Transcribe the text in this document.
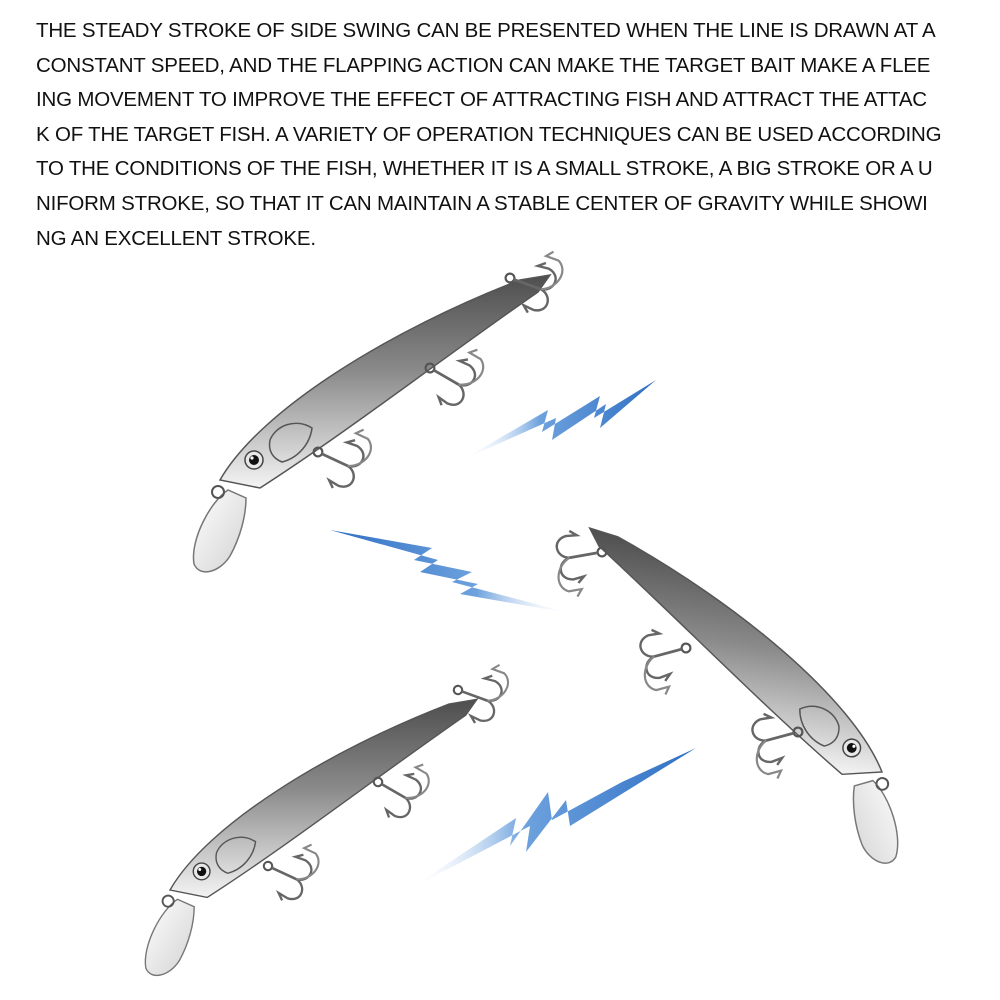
THE STEADY STROKE OF SIDE SWING CAN BE PRESENTED WHEN THE LINE IS DRAWN AT A
CONSTANT SPEED, AND THE FLAPPING ACTION CAN MAKE THE TARGET BAIT MAKE A FLEE
ING MOVEMENT TO IMPROVE THE EFFECT OF ATTRACTING FISH AND ATTRACT THE ATTAC
K OF THE TARGET FISH. A VARIETY OF OPERATION TECHNIQUES CAN BE USED ACCORDING
TO THE CONDITIONS OF THE FISH, WHETHER IT IS A SMALL STROKE, A BIG STROKE OR A U
NIFORM STROKE, SO THAT IT CAN MAINTAIN A STABLE CENTER OF GRAVITY WHILE SHOWI
NG AN EXCELLENT STROKE.
